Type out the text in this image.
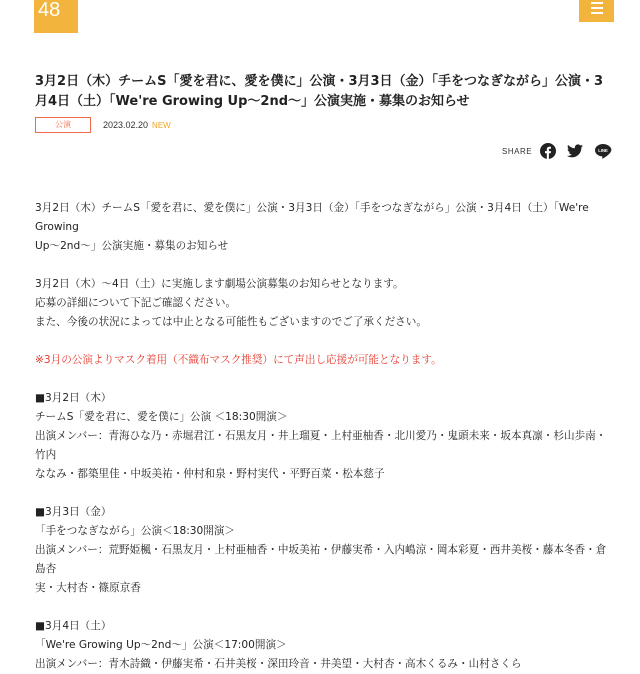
48
3月2日（木）チームS「愛を君に、愛を僕に」公演・3月3日（金）「手をつなぎながら」公演・3月4日（土）「We're Growing Up～2nd～」公演実施・募集のお知らせ
公演	2023.02.20 NEW
SHARE	LINE

3月2日（木）チームS「愛を君に、愛を僕に」公演・3月3日（金）「手をつなぎながら」公演・3月4日（土）「We're Growing

Up～2nd～」公演実施・募集のお知らせ

3月2日（木）～4日（土）に実施します劇場公演募集のお知らせとなります。

応募の詳細について下記ご確認ください。

また、今後の状況によっては中止となる可能性もございますのでご了承ください。

※3月の公演よりマスク着用（不織布マスク推奨）にて声出し応援が可能となります。

■3月2日（木）

チームS「愛を君に、愛を僕に」公演 ＜18:30開演＞

出演メンバー：青海ひな乃・赤堀君江・石黒友月・井上瑠夏・上村亜柚香・北川愛乃・鬼頭未来・坂本真凛・杉山歩南・竹内

ななみ・都築里佳・中坂美祐・仲村和泉・野村実代・平野百菜・松本慈子

■3月3日（金）

「手をつなぎながら」公演＜18:30開演＞

出演メンバー：荒野姫楓・石黒友月・上村亜柚香・中坂美祐・伊藤実希・入内嶋涼・岡本彩夏・西井美桜・藤本冬香・倉島杏

実・大村杏・篠原京香

■3月4日（土）

「We're Growing Up～2nd～」公演＜17:00開演＞

出演メンバー：青木詩織・伊藤実希・石井美桜・深田玲音・井美望・大村杏・高木くるみ・山村さくら
